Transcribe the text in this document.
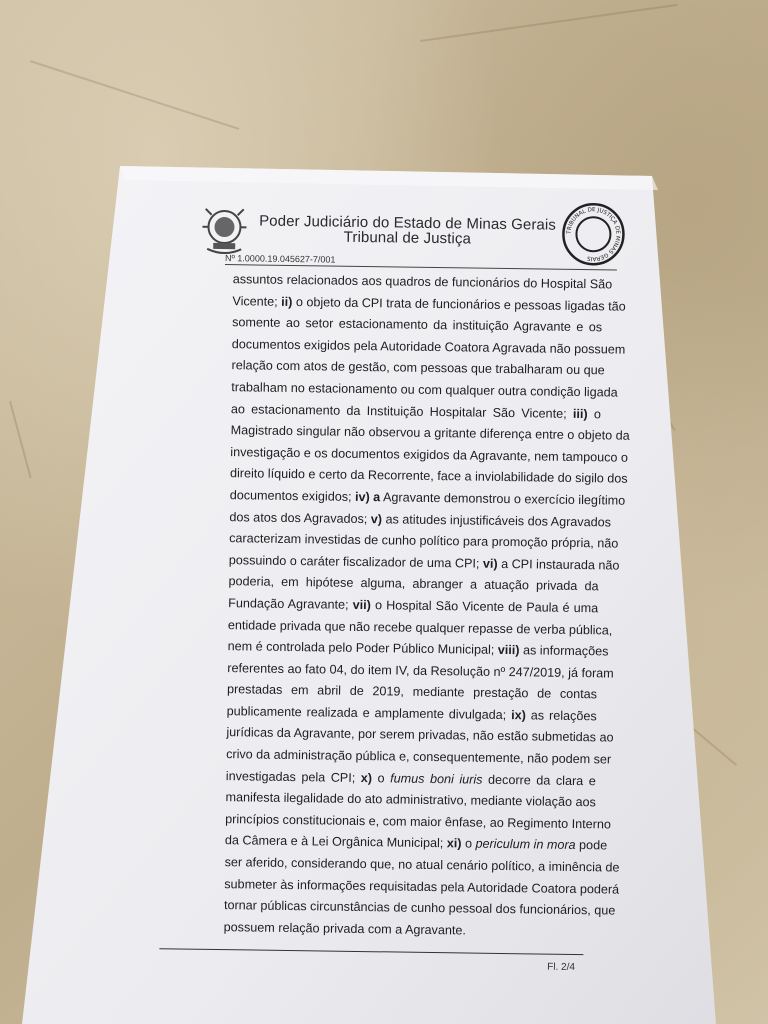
Poder Judiciário do Estado de Minas Gerais
Tribunal de Justiça	TRIBUNAL DE JUSTIÇA DE MINAS GERAIS
Nº 1.0000.19.045627-7/001
assuntos relacionados aos quadros de funcionários do Hospital São
Vicente; ii) o objeto da CPI trata de funcionários e pessoas ligadas tão
somente ao setor estacionamento da instituição Agravante e os
documentos exigidos pela Autoridade Coatora Agravada não possuem
relação com atos de gestão, com pessoas que trabalharam ou que
trabalham no estacionamento ou com qualquer outra condição ligada
ao estacionamento da Instituição Hospitalar São Vicente; iii) o
Magistrado singular não observou a gritante diferença entre o objeto da
investigação e os documentos exigidos da Agravante, nem tampouco o
direito líquido e certo da Recorrente, face a inviolabilidade do sigilo dos
documentos exigidos; iv) a Agravante demonstrou o exercício ilegítimo
dos atos dos Agravados; v) as atitudes injustificáveis dos Agravados
caracterizam investidas de cunho político para promoção própria, não
possuindo o caráter fiscalizador de uma CPI; vi) a CPI instaurada não
poderia, em hipótese alguma, abranger a atuação privada da
Fundação Agravante; vii) o Hospital São Vicente de Paula é uma
entidade privada que não recebe qualquer repasse de verba pública,
nem é controlada pelo Poder Público Municipal; viii) as informações
referentes ao fato 04, do item IV, da Resolução nº 247/2019, já foram
prestadas em abril de 2019, mediante prestação de contas
publicamente realizada e amplamente divulgada; ix) as relações
jurídicas da Agravante, por serem privadas, não estão submetidas ao
crivo da administração pública e, consequentemente, não podem ser
investigadas pela CPI; x) o fumus boni iuris decorre da clara e
manifesta ilegalidade do ato administrativo, mediante violação aos
princípios constitucionais e, com maior ênfase, ao Regimento Interno
da Câmera e à Lei Orgânica Municipal; xi) o periculum in mora pode
ser aferido, considerando que, no atual cenário político, a iminência de
submeter às informações requisitadas pela Autoridade Coatora poderá
tornar públicas circunstâncias de cunho pessoal dos funcionários, que
possuem relação privada com a Agravante.
Fl. 2/4
